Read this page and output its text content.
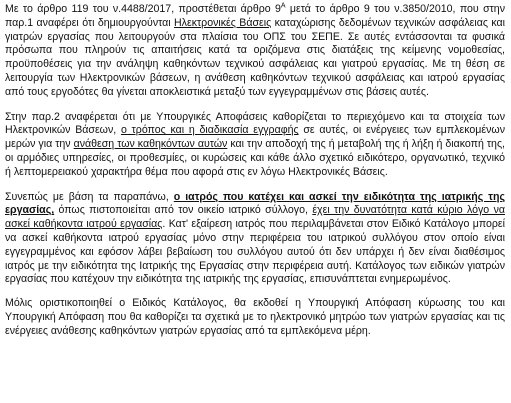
Με το άρθρο 119 του ν.4488/2017, προστέθεται άρθρο $9^A$ μετά το άρθρο 9 του ν.3850/2010, που στην παρ.1 αναφέρει ότι δημιουργούνται Ηλεκτρονικές Βάσεις καταχώρισης δεδομένων τεχνικών ασφάλειας και γιατρών εργασίας που λειτουργούν στα πλαίσια του ΟΠΣ του ΣΕΠΕ. Σε αυτές εντάσσονται τα φυσικά πρόσωπα που πληρούν τις απαιτήσεις κατά τα οριζόμενα στις διατάξεις της κείμενης νομοθεσίας, προϋποθέσεις για την ανάληψη καθηκόντων τεχνικού ασφάλειας και γιατρού εργασίας. Με τη θέση σε λειτουργία των Ηλεκτρονικών βάσεων, η ανάθεση καθηκόντων τεχνικού ασφάλειας και ιατρού εργασίας από τους εργοδότες θα γίνεται αποκλειστικά μεταξύ των εγγεγραμμένων στις βάσεις αυτές.

Στην παρ.2 αναφέρεται ότι με Υπουργικές Αποφάσεις καθορίζεται το περιεχόμενο και τα στοιχεία των Ηλεκτρονικών Βάσεων, ο τρόπος και η διαδικασία εγγραφής σε αυτές, οι ενέργειες των εμπλεκομένων μερών για την ανάθεση των καθηκόντων αυτών και την αποδοχή της ή μεταβολή της ή λήξη ή διακοπή της, οι αρμόδιες υπηρεσίες, οι προθεσμίες, οι κυρώσεις και κάθε άλλο σχετικό ειδικότερο, οργανωτικό, τεχνικό ή λεπτομερειακού χαρακτήρα θέμα που αφορά στις εν λόγω Ηλεκτρονικές Βάσεις.

Συνεπώς με βάση τα παραπάνω, ο ιατρός που κατέχει και ασκεί την ειδικότητα της ιατρικής της εργασίας, όπως πιστοποιείται από τον οικείο ιατρικό σύλλογο, έχει την δυνατότητα κατά κύριο λόγο να ασκεί καθήκοντα ιατρού εργασίας. Κατ' εξαίρεση ιατρός που περιλαμβάνεται στον Ειδικό Κατάλογο μπορεί να ασκεί καθήκοντα ιατρού εργασίας μόνο στην περιφέρεια του ιατρικού συλλόγου στον οποίο είναι εγγεγραμμένος και εφόσον λάβει βεβαίωση του συλλόγου αυτού ότι δεν υπάρχει ή δεν είναι διαθέσιμος ιατρός με την ειδικότητα της Ιατρικής της Εργασίας στην περιφέρεια αυτή. Κατάλογος των ειδικών γιατρών εργασίας που κατέχουν την ειδικότητα της ιατρικής της εργασίας, επισυνάπτεται ενημερωμένος.

Μόλις οριστικοποιηθεί ο Ειδικός Κατάλογος, θα εκδοθεί η Υπουργική Απόφαση κύρωσης του και Υπουργική Απόφαση που θα καθορίζει τα σχετικά με το ηλεκτρονικό μητρώο των γιατρών εργασίας και τις ενέργειες ανάθεσης καθηκόντων γιατρών εργασίας από τα εμπλεκόμενα μέρη.
